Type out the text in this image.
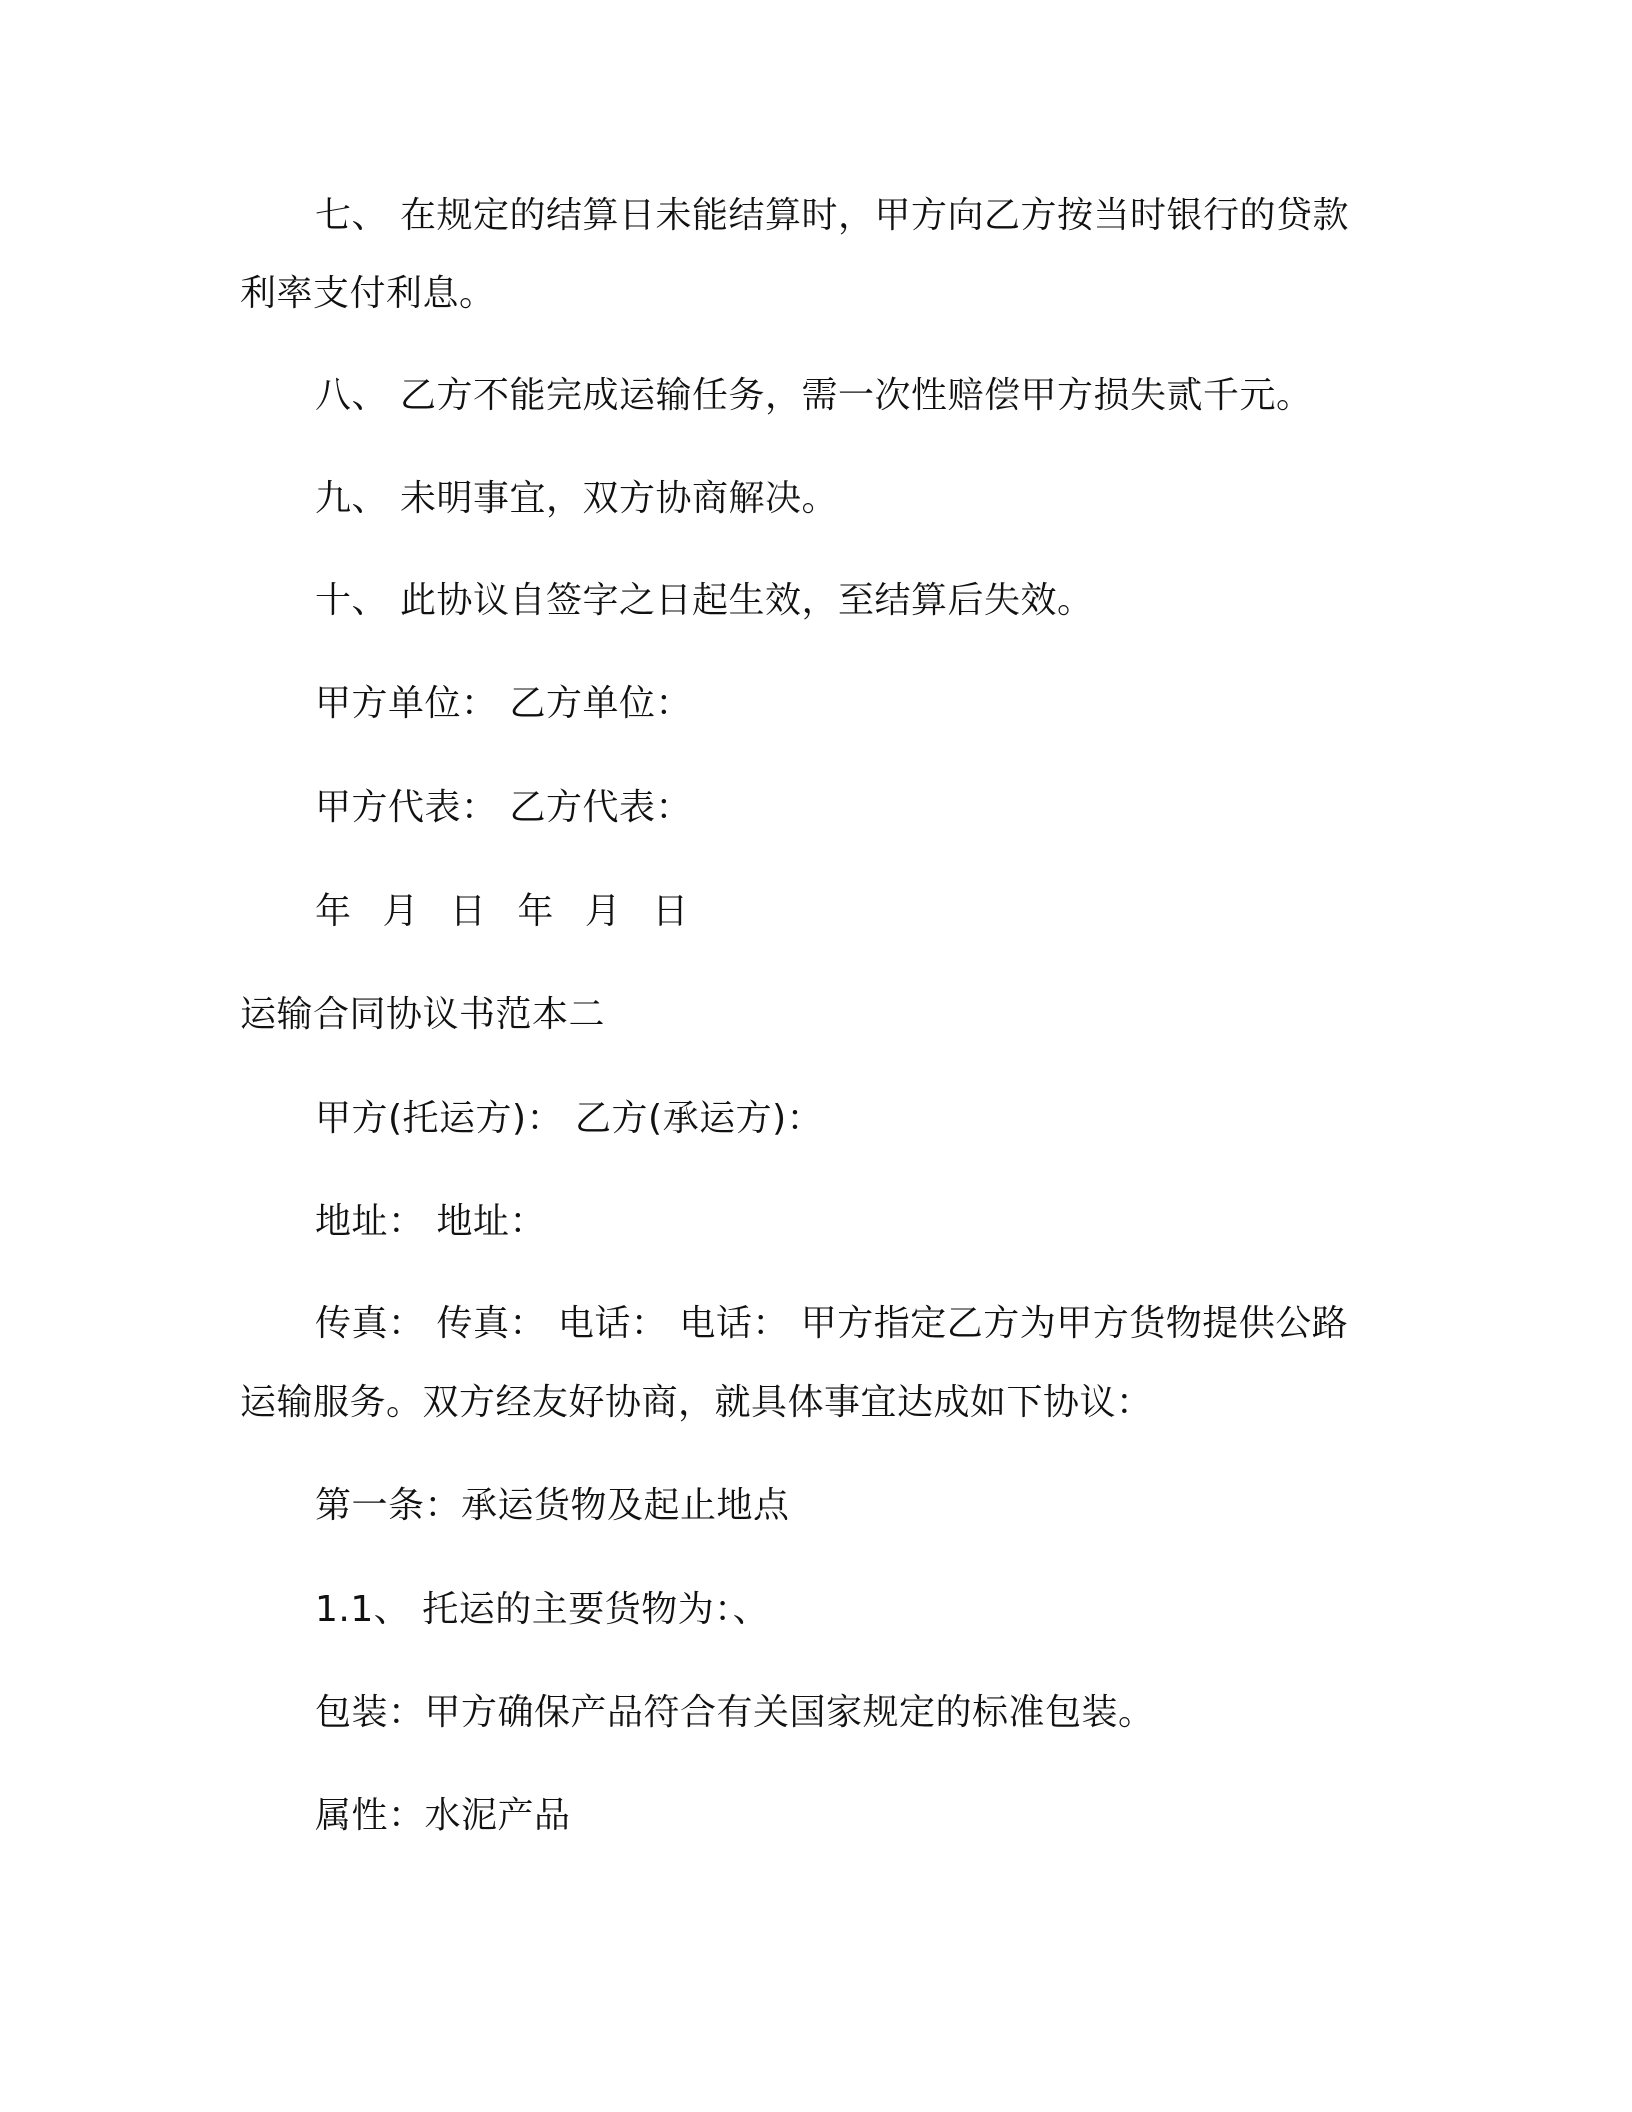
七、 在规定的结算日未能结算时，甲方向乙方按当时银行的贷款
利率支付利息。
八、 乙方不能完成运输任务，需一次性赔偿甲方损失贰千元。
九、 未明事宜，双方协商解决。
十、 此协议自签字之日起生效，至结算后失效。
甲方单位： 乙方单位：
甲方代表： 乙方代表：
年 月 日 年 月 日
运输合同协议书范本二
甲方(托运方)： 乙方(承运方)：
地址： 地址：
传真： 传真： 电话： 电话： 甲方指定乙方为甲方货物提供公路
运输服务。双方经友好协商，就具体事宜达成如下协议：
第一条：承运货物及起止地点
1.1、 托运的主要货物为：、
包装：甲方确保产品符合有关国家规定的标准包装。
属性：水泥产品
